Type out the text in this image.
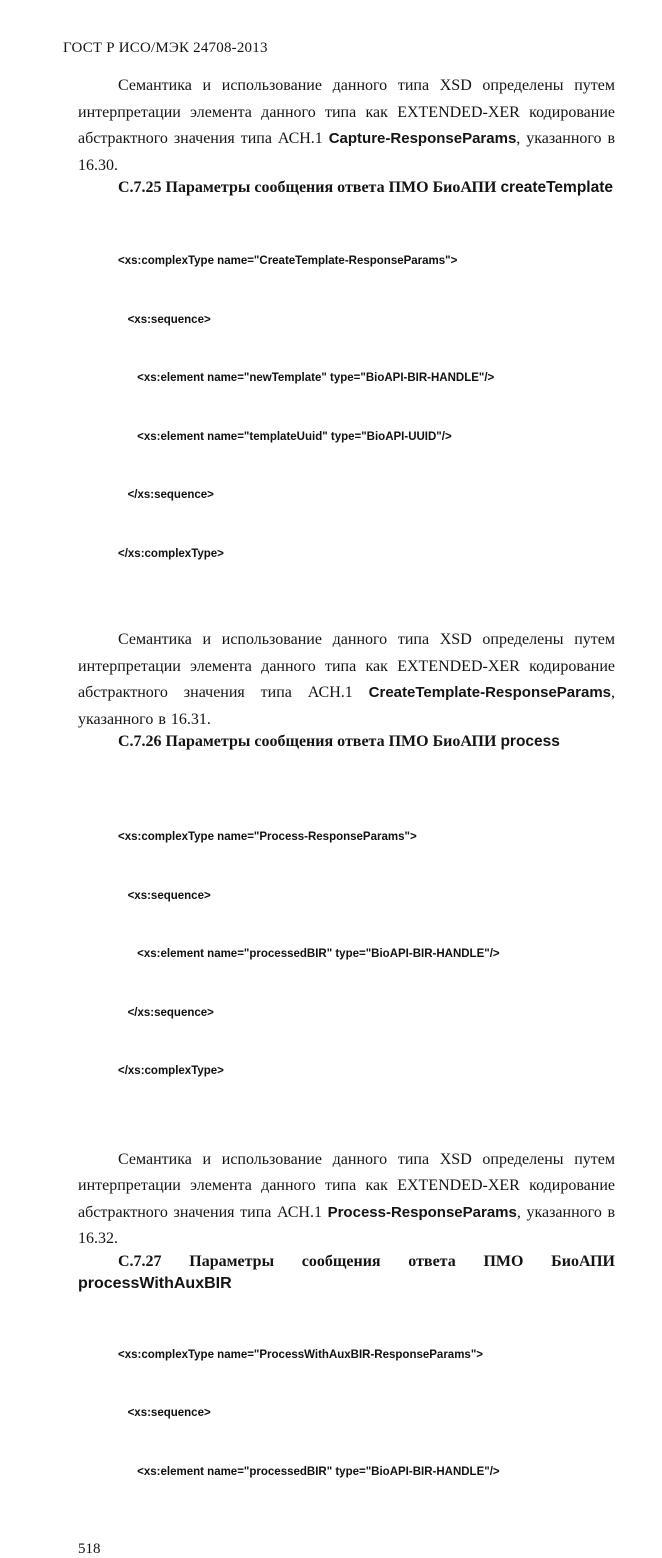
ГОСТ Р ИСО/МЭК 24708-2013

Семантика и использование данного типа XSD определены путем интерпретации элемента данного типа как EXTENDED-XER кодирование абстрактного значения типа АСН.1 Capture-ResponseParams, указанного в 16.30.

С.7.25 Параметры сообщения ответа ПМО БиоАПИ createTemplate

<xs:complexType name="CreateTemplate-ResponseParams">

<xs:sequence>

<xs:element name="newTemplate" type="BioAPI-BIR-HANDLE"/>

<xs:element name="templateUuid" type="BioAPI-UUID"/>

</xs:sequence>

</xs:complexType>

Семантика и использование данного типа XSD определены путем интерпретации элемента данного типа как EXTENDED-XER кодирование абстрактного значения типа АСН.1 CreateTemplate-ResponseParams, указанного в 16.31.

С.7.26 Параметры сообщения ответа ПМО БиоАПИ process

<xs:complexType name="Process-ResponseParams">

<xs:sequence>

<xs:element name="processedBIR" type="BioAPI-BIR-HANDLE"/>

</xs:sequence>

</xs:complexType>

Семантика и использование данного типа XSD определены путем интерпретации элемента данного типа как EXTENDED-XER кодирование абстрактного значения типа АСН.1 Process-ResponseParams, указанного в 16.32.

С.7.27 Параметры сообщения ответа ПМО БиоАПИ
processWithAuxBIR

<xs:complexType name="ProcessWithAuxBIR-ResponseParams">

<xs:sequence>

<xs:element name="processedBIR" type="BioAPI-BIR-HANDLE"/>

518
